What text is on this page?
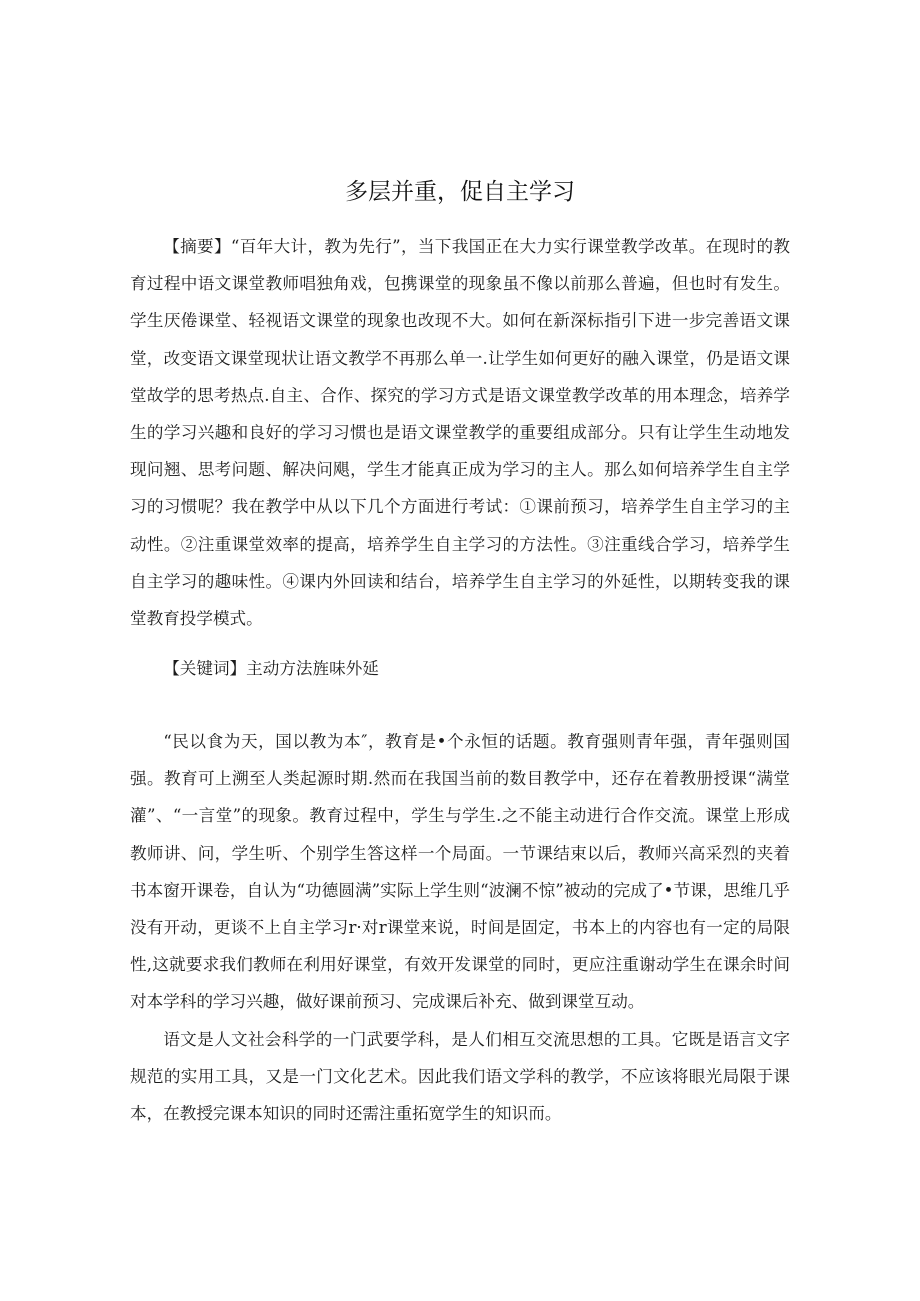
多层并重，促自主学习

【摘要】“百年大计，教为先行”，当下我国正在大力实行课堂教学改革。在现时的教育过程中语文课堂教师唱独角戏，包携课堂的现象虽不像以前那么普遍，但也时有发生。学生厌倦课堂、轻视语文课堂的现象也改现不大。如何在新深标指引下进一步完善语文课堂，改变语文课堂现状让语文教学不再那么单一.让学生如何更好的融入课堂，仍是语文课堂故学的思考热点.自主、合作、探究的学习方式是语文课堂教学改革的用本理念，培养学生的学习兴趣和良好的学习习惯也是语文课堂教学的重要组成部分。只有让学生生动地发现问翘、思考问题、解决问飓，学生才能真正成为学习的主人。那么如何培养学生自主学习的习惯呢？我在教学中从以下几个方面进行考试：①课前预习，培养学生自主学习的主动性。②注重课堂效率的提高，培养学生自主学习的方法性。③注重线合学习，培养学生自主学习的趣味性。④课内外回读和结台，培养学生自主学习的外延性，以期转变我的课堂教育投学模式。

【关键词】主动方法旌味外延

“民以食为天，国以教为本″，教育是•个永恒的话题。教育强则青年强，青年强则国强。教育可上溯至人类起源时期.然而在我国当前的数目教学中，还存在着教册授课“满堂灌”、“一言堂”的现象。教育过程中，学生与学生.之不能主动进行合作交流。课堂上形成教师讲、问，学生听、个别学生答这样一个局面。一节课结束以后，教师兴高采烈的夹着书本窗开课卷，自认为“功德圆满”实际上学生则“波澜不惊”被动的完成了•节课，思维几乎没有开动，更谈不上自主学习r·对r课堂来说，时间是固定，书本上的内容也有一定的局限性,这就要求我们教师在利用好课堂，有效开发课堂的同时，更应注重谢动学生在课余时间对本学科的学习兴趣，做好课前预习、完成课后补充、做到课堂互动。

语文是人文社会科学的一门武要学科，是人们相互交流思想的工具。它既是语言文字规范的实用工具，又是一门文化艺术。因此我们语文学科的教学，不应该将眼光局限于课本，在教授完课本知识的同时还需注重拓宽学生的知识而。
